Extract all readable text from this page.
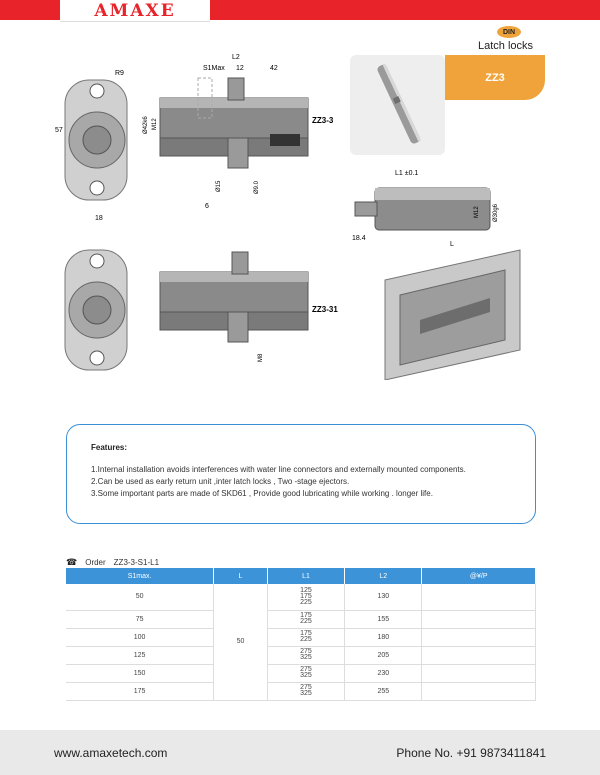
AMAXE
DIN
Latch locks
ZZ3
R9
57
18
Ø42k6 M12
L2
S1Max 12	42
ZZ3-3
Ø15
6
Ø9.0
L1 ±0.1
M12 Ø30g6
18.4
L
ZZ3-31
M8
Features:
1.Internal installation avoids interferences with water line connectors and externally mounted components.
2.Can be used as early return unit ,inter latch locks , Two -stage ejectors.
3.Some important parts are made of SKD61 , Provide good lubricating while working . longer life.
☎ Order ZZ3-3-S1-L1
S1max.	L	L1	L2	@¥/P
50	50	125
175
225	130	
75		175
225	155	
100		175
225	180	
125		275
325	205	
150		275
325	230	
175		275
325	255	
www.amaxetech.com	Phone No. +91 9873411841
